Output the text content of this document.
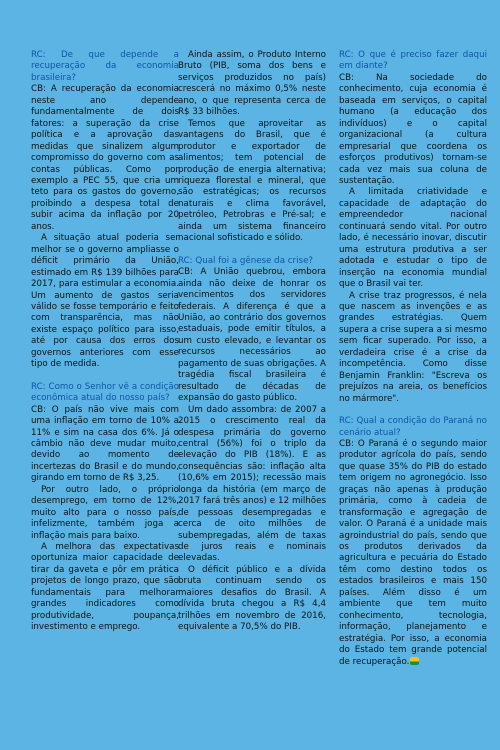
RC: De que depende a recuperação da economia brasileira?

CB: A recuperação da economia neste ano depende fundamentalmente de dois fatores: a superação da crise política e a aprovação das medidas que sinalizem algum compromisso do governo com as contas públicas. Como por exemplo a PEC 55, que cria um teto para os gastos do governo, proibindo a despesa total de subir acima da inflação por 20 anos.

A situação atual poderia ser melhor se o governo ampliasse o déficit primário da União, estimado em R$ 139 bilhões para 2017, para estimular a economia. Um aumento de gastos seria válido se fosse temporário e feito com transparência, mas não existe espaço político para isso, até por causa dos erros dos governos anteriores com esse tipo de medida.

RC: Como o Senhor vê a condição econômica atual do nosso país?

CB: O país não vive mais com uma inflação em torno de 10% a 11% e sim na casa dos 6%. Já o câmbio não deve mudar muito, devido ao momento de incertezas do Brasil e do mundo, girando em torno de R$ 3,25.

Por outro lado, o próprio desemprego, em torno de 12%, muito alto para o nosso país, infelizmente, também joga a inflação mais para baixo.

A melhora das expectativas oportuniza maior capacidade de tirar da gaveta e pôr em prática projetos de longo prazo, que são fundamentais para melhorar grandes indicadores como produtividade, poupança, investimento e emprego.

Ainda assim, o Produto Interno Bruto (PIB, soma dos bens e serviços produzidos no país) crescerá no máximo 0,5% neste ano, o que representa cerca de R$ 33 bilhões.

Temos que aproveitar as vantagens do Brasil, que é produtor e exportador de alimentos; tem potencial de produção de energia alternativa; riqueza florestal e mineral, que são estratégicas; os recursos naturais e clima favorável, petróleo, Petrobras e Pré-sal; e ainda um sistema financeiro nacional sofisticado e sólido.

RC: Qual foi a gênese da crise?

CB: A União quebrou, embora ainda não deixe de honrar os vencimentos dos servidores federais. A diferença é que a União, ao contrário dos governos estaduais, pode emitir títulos, a um custo elevado, e levantar os recursos necessários ao pagamento de suas obrigações. A tragédia fiscal brasileira é resultado de décadas de expansão do gasto público.

Um dado assombra: de 2007 a 2015 o crescimento real da despesa primária do governo central (56%) foi o triplo da elevação do PIB (18%). E as consequências são: inflação alta (10,6% em 2015); recessão mais longa da história (em março de 2017 fará três anos) e 12 milhões de pessoas desempregadas e cerca de oito milhões de subempregadas, além de taxas de juros reais e nominais elevadas.

O déficit público e a dívida bruta continuam sendo os maiores desafios do Brasil. A dívida bruta chegou a R$ 4,4 trilhões em novembro de 2016, equivalente a 70,5% do PIB.

RC: O que é preciso fazer daqui em diante?

CB: Na sociedade do conhecimento, cuja economia é baseada em serviços, o capital humano (a educação dos indivíduos) e o capital organizacional (a cultura empresarial que coordena os esforços produtivos) tornam-se cada vez mais sua coluna de sustentação.

A limitada criatividade e capacidade de adaptação do empreendedor nacional continuará sendo vital. Por outro lado, é necessário inovar, discutir uma estrutura produtiva a ser adotada e estudar o tipo de inserção na economia mundial que o Brasil vai ter.

A crise traz progressos, é nela que nascem as invenções e as grandes estratégias. Quem supera a crise supera a si mesmo sem ficar superado. Por isso, a verdadeira crise é a crise da incompetência. Como disse Benjamin Franklin: "Escreva os prejuízos na areia, os benefícios no mármore".

RC: Qual a condição do Paraná no cenário atual?

CB: O Paraná é o segundo maior produtor agrícola do país, sendo que quase 35% do PIB do estado tem origem no agronegócio. Isso graças não apenas à produção primária, como à cadeia de transformação e agregação de valor. O Paraná é a unidade mais agroindustrial do país, sendo que os produtos derivados da agricultura e pecuária do Estado têm como destino todos os estados brasileiros e mais 150 países. Além disso é um ambiente que tem muito conhecimento, tecnologia, informação, planejamento e estratégia. Por isso, a economia do Estado tem grande potencial de recuperação.
